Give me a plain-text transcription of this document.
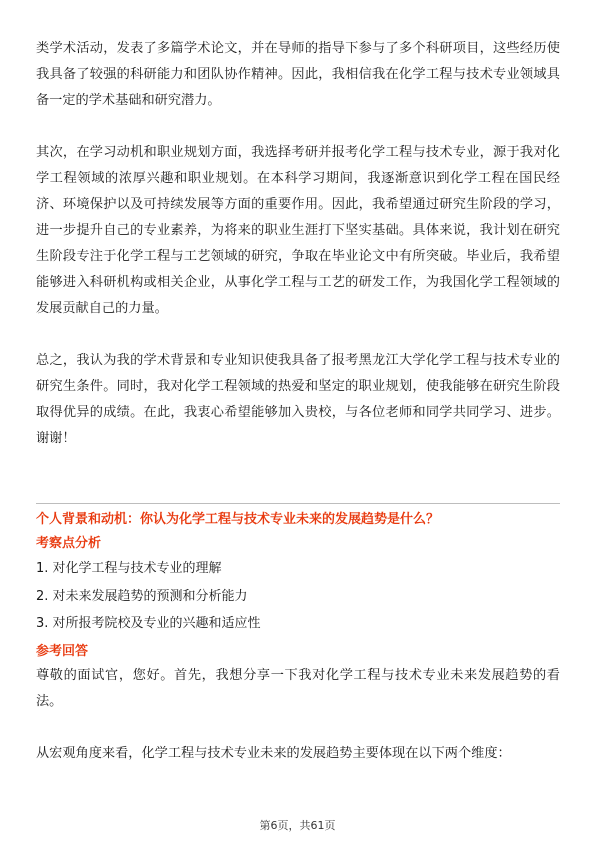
类学术活动，发表了多篇学术论文，并在导师的指导下参与了多个科研项目，这些经历使我具备了较强的科研能力和团队协作精神。因此，我相信我在化学工程与技术专业领域具备一定的学术基础和研究潜力。

其次，在学习动机和职业规划方面，我选择考研并报考化学工程与技术专业，源于我对化学工程领域的浓厚兴趣和职业规划。在本科学习期间，我逐渐意识到化学工程在国民经济、环境保护以及可持续发展等方面的重要作用。因此，我希望通过研究生阶段的学习，进一步提升自己的专业素养，为将来的职业生涯打下坚实基础。具体来说，我计划在研究生阶段专注于化学工程与工艺领域的研究，争取在毕业论文中有所突破。毕业后，我希望能够进入科研机构或相关企业，从事化学工程与工艺的研发工作，为我国化学工程领域的发展贡献自己的力量。

总之，我认为我的学术背景和专业知识使我具备了报考黑龙江大学化学工程与技术专业的研究生条件。同时，我对化学工程领域的热爱和坚定的职业规划，使我能够在研究生阶段取得优异的成绩。在此，我衷心希望能够加入贵校，与各位老师和同学共同学习、进步。谢谢！

个人背景和动机：你认为化学工程与技术专业未来的发展趋势是什么？

考察点分析

1. 对化学工程与技术专业的理解

2. 对未来发展趋势的预测和分析能力

3. 对所报考院校及专业的兴趣和适应性

参考回答

尊敬的面试官，您好。首先，我想分享一下我对化学工程与技术专业未来发展趋势的看法。

从宏观角度来看，化学工程与技术专业未来的发展趋势主要体现在以下两个维度：

第6页，共61页
